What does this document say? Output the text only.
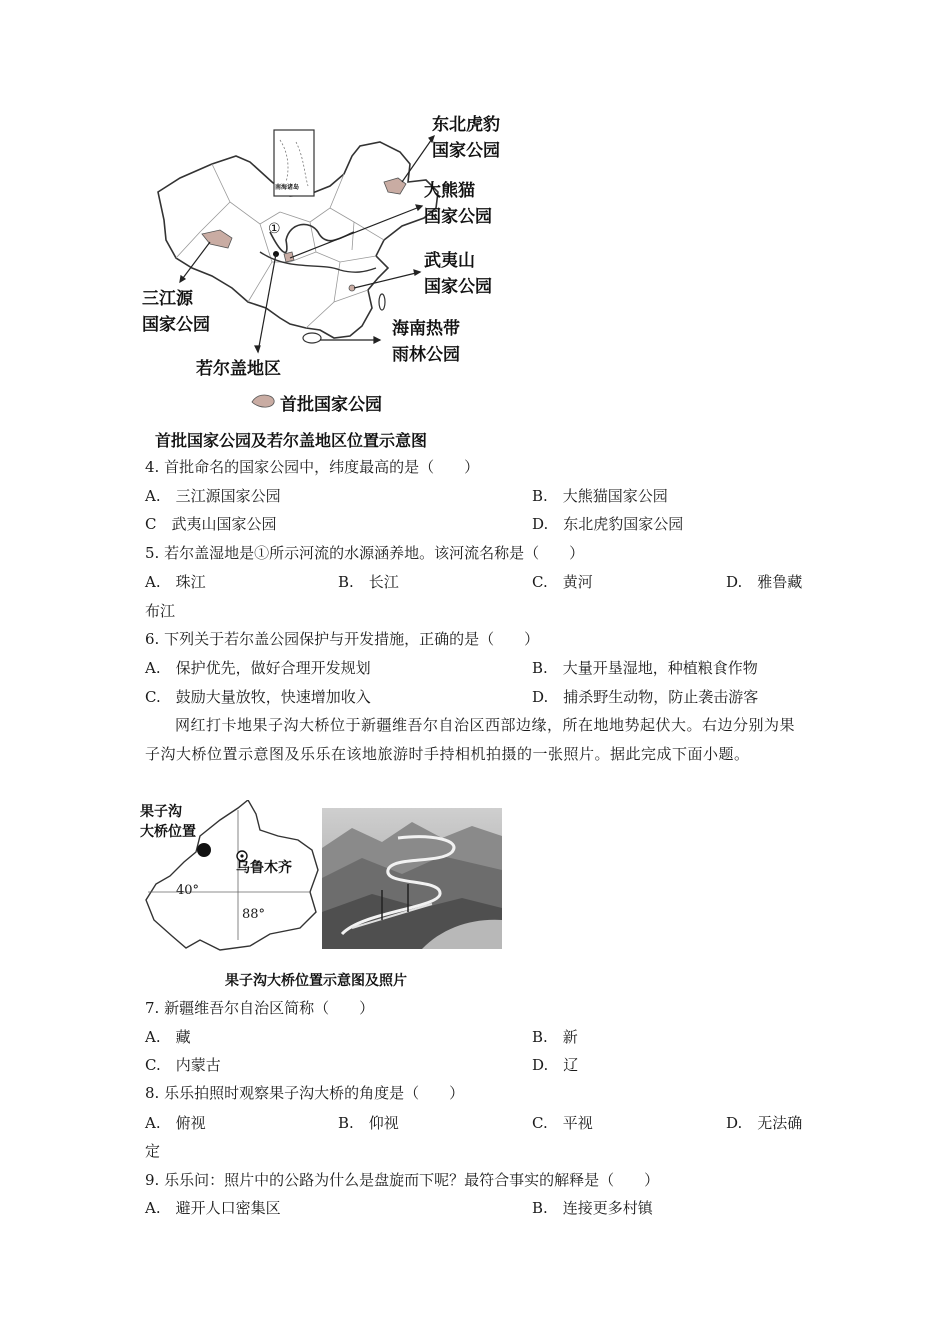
南海诸岛
①
东北虎豹
国家公园
大熊猫
国家公园
武夷山
国家公园
三江源
国家公园	海南热带
雨林公园
若尔盖地区
首批国家公园
首批国家公园及若尔盖地区位置示意图
4. 首批命名的国家公园中，纬度最高的是（　　）
A.　三江源国家公园	B.　大熊猫国家公园
C　武夷山国家公园	D.　东北虎豹国家公园
5. 若尔盖湿地是①所示河流的水源涵养地。该河流名称是（　　）
A.　珠江	B.　长江	C.　黄河	D.　雅鲁藏
布江
6. 下列关于若尔盖公园保护与开发措施，正确的是（　　）
A.　保护优先，做好合理开发规划	B.　大量开垦湿地，种植粮食作物
C.　鼓励大量放牧，快速增加收入	D.　捕杀野生动物，防止袭击游客
网红打卡地果子沟大桥位于新疆维吾尔自治区西部边缘，所在地地势起伏大。右边分别为果子沟大桥位置示意图及乐乐在该地旅游时手持相机拍摄的一张照片。据此完成下面小题。
果子沟
大桥位置
乌鲁木齐
40°
88°
果子沟大桥位置示意图及照片
7. 新疆维吾尔自治区简称（　　）
A.　藏	B.　新
C.　内蒙古	D.　辽
8. 乐乐拍照时观察果子沟大桥的角度是（　　）
A.　俯视	B.　仰视	C.　平视	D.　无法确
定
9. 乐乐问：照片中的公路为什么是盘旋而下呢？最符合事实的解释是（　　）
A.　避开人口密集区	B.　连接更多村镇
